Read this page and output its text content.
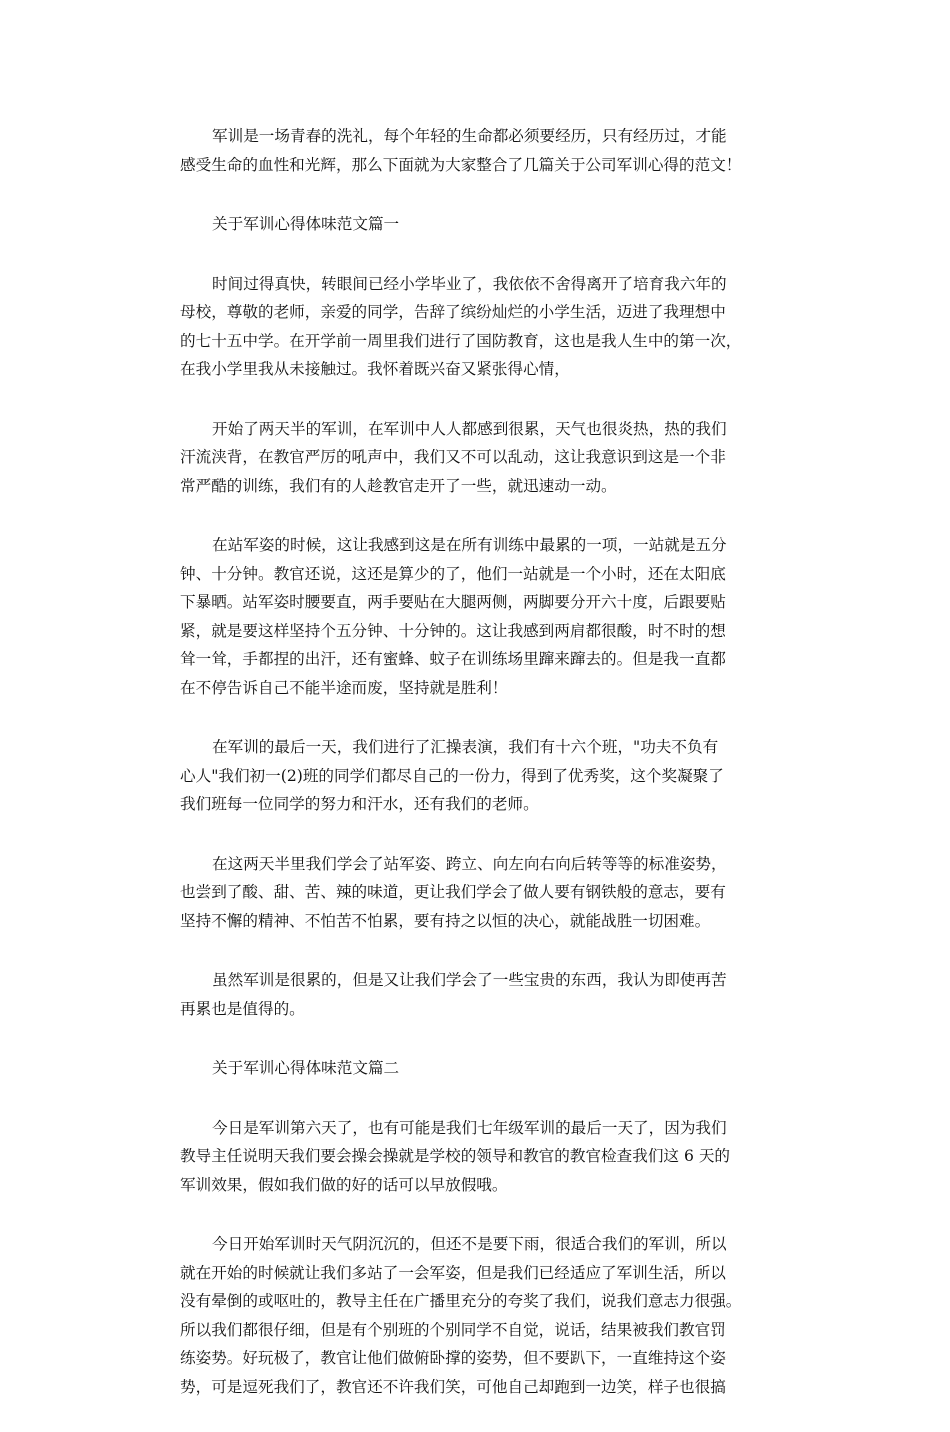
军训是一场青春的洗礼，每个年轻的生命都必须要经历，只有经历过，才能
感受生命的血性和光辉，那么下面就为大家整合了几篇关于公司军训心得的范文！
关于军训心得体味范文篇一
时间过得真快，转眼间已经小学毕业了，我依依不舍得离开了培育我六年的
母校，尊敬的老师，亲爱的同学，告辞了缤纷灿烂的小学生活，迈进了我理想中
的七十五中学。在开学前一周里我们进行了国防教育，这也是我人生中的第一次，
在我小学里我从未接触过。我怀着既兴奋又紧张得心情，
开始了两天半的军训，在军训中人人都感到很累，天气也很炎热，热的我们
汗流浃背，在教官严厉的吼声中，我们又不可以乱动，这让我意识到这是一个非
常严酷的训练，我们有的人趁教官走开了一些，就迅速动一动。
在站军姿的时候，这让我感到这是在所有训练中最累的一项，一站就是五分
钟、十分钟。教官还说，这还是算少的了，他们一站就是一个小时，还在太阳底
下暴晒。站军姿时腰要直，两手要贴在大腿两侧，两脚要分开六十度，后跟要贴
紧，就是要这样坚持个五分钟、十分钟的。这让我感到两肩都很酸，时不时的想
耸一耸，手都捏的出汗，还有蜜蜂、蚊子在训练场里蹿来蹿去的。但是我一直都
在不停告诉自己不能半途而废，坚持就是胜利！
在军训的最后一天，我们进行了汇操表演，我们有十六个班，"功夫不负有
心人"我们初一(2)班的同学们都尽自己的一份力，得到了优秀奖，这个奖凝聚了
我们班每一位同学的努力和汗水，还有我们的老师。
在这两天半里我们学会了站军姿、跨立、向左向右向后转等等的标准姿势，
也尝到了酸、甜、苦、辣的味道，更让我们学会了做人要有钢铁般的意志，要有
坚持不懈的精神、不怕苦不怕累，要有持之以恒的决心，就能战胜一切困难。
虽然军训是很累的，但是又让我们学会了一些宝贵的东西，我认为即使再苦
再累也是值得的。
关于军训心得体味范文篇二
今日是军训第六天了，也有可能是我们七年级军训的最后一天了，因为我们
教导主任说明天我们要会操会操就是学校的领导和教官的教官检查我们这 6 天的
军训效果，假如我们做的好的话可以早放假哦。
今日开始军训时天气阴沉沉的，但还不是要下雨，很适合我们的军训，所以
就在开始的时候就让我们多站了一会军姿，但是我们已经适应了军训生活，所以
没有晕倒的或呕吐的，教导主任在广播里充分的夸奖了我们，说我们意志力很强。
所以我们都很仔细，但是有个别班的个别同学不自觉，说话，结果被我们教官罚
练姿势。好玩极了，教官让他们做俯卧撑的姿势，但不要趴下，一直维持这个姿
势，可是逗死我们了，教官还不许我们笑，可他自己却跑到一边笑，样子也很搞
